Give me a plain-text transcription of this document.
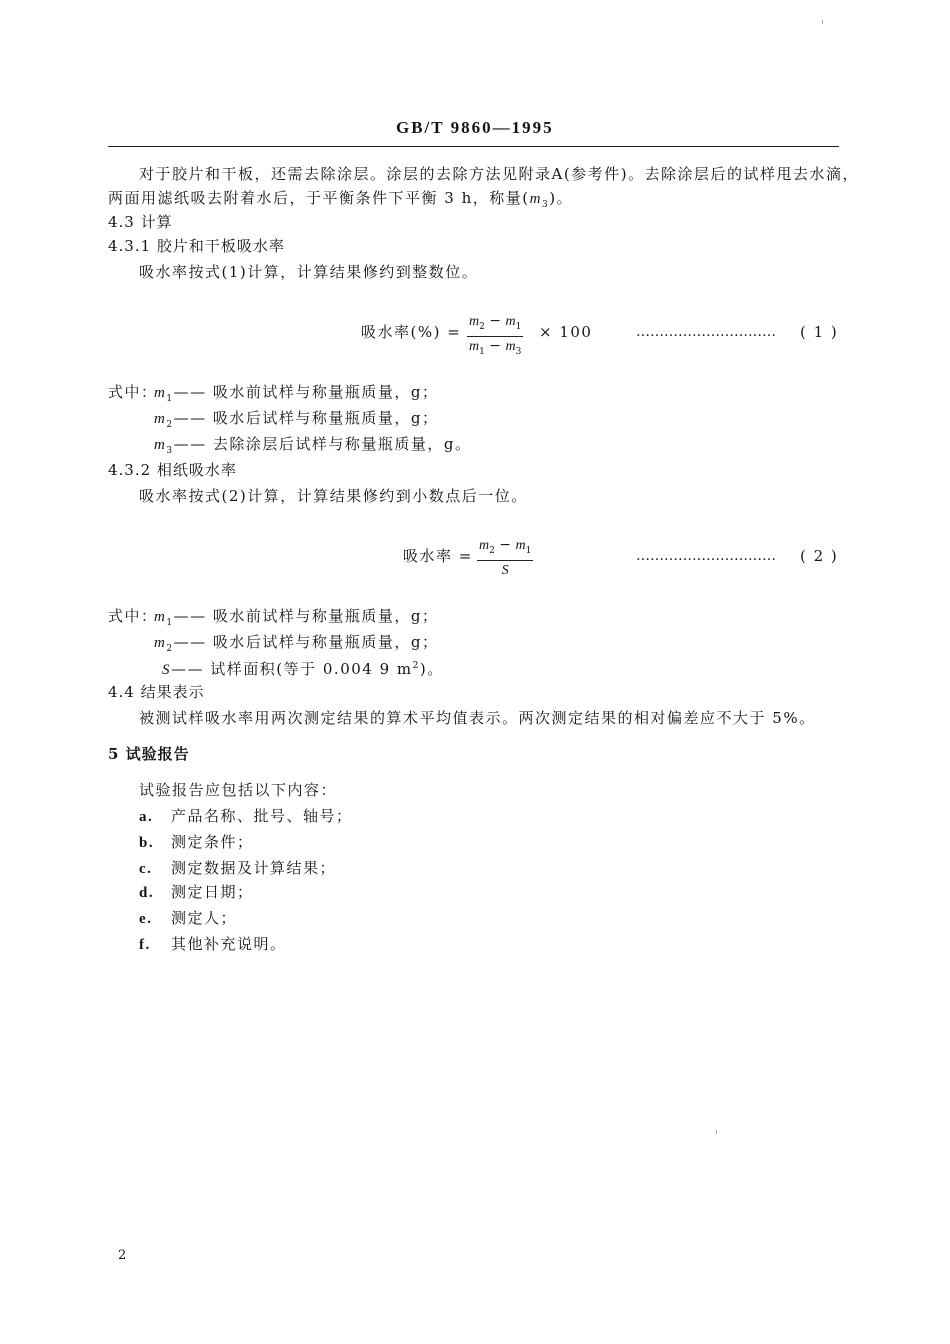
GB/T 9860—1995
对于胶片和干板，还需去除涂层。涂层的去除方法见附录A(参考件)。去除涂层后的试样甩去水滴，
两面用滤纸吸去附着水后，于平衡条件下平衡 3 h，称量$(m_3)$。
4.3 计算
4.3.1 胶片和干板吸水率
吸水率按式(1)计算，计算结果修约到整数位。
吸水率(%) = $\frac{m_2 - m_1}{m_1 - m_3} \times 100$	………………………… ( 1 )
式中：
$m_1——$ 吸水前试样与称量瓶质量，g；
$m_2——$ 吸水后试样与称量瓶质量，g；
$m_3——$ 去除涂层后试样与称量瓶质量，g。
4.3.2 相纸吸水率
吸水率按式(2)计算，计算结果修约到小数点后一位。
吸水率 = $\frac{m_2 - m_1}{S}$	………………………… ( 2 )
式中：
$m_1——$ 吸水前试样与称量瓶质量，g；
$m_2——$ 吸水后试样与称量瓶质量，g；
S—— 试样面积(等于 0.004 9 $m^2$)。
4.4 结果表示
被测试样吸水率用两次测定结果的算术平均值表示。两次测定结果的相对偏差应不大于 5%。
5 试验报告
试验报告应包括以下内容：
a. 产品名称、批号、轴号；
b. 测定条件；
c. 测定数据及计算结果；
d. 测定日期；
e. 测定人；
f. 其他补充说明。
2
